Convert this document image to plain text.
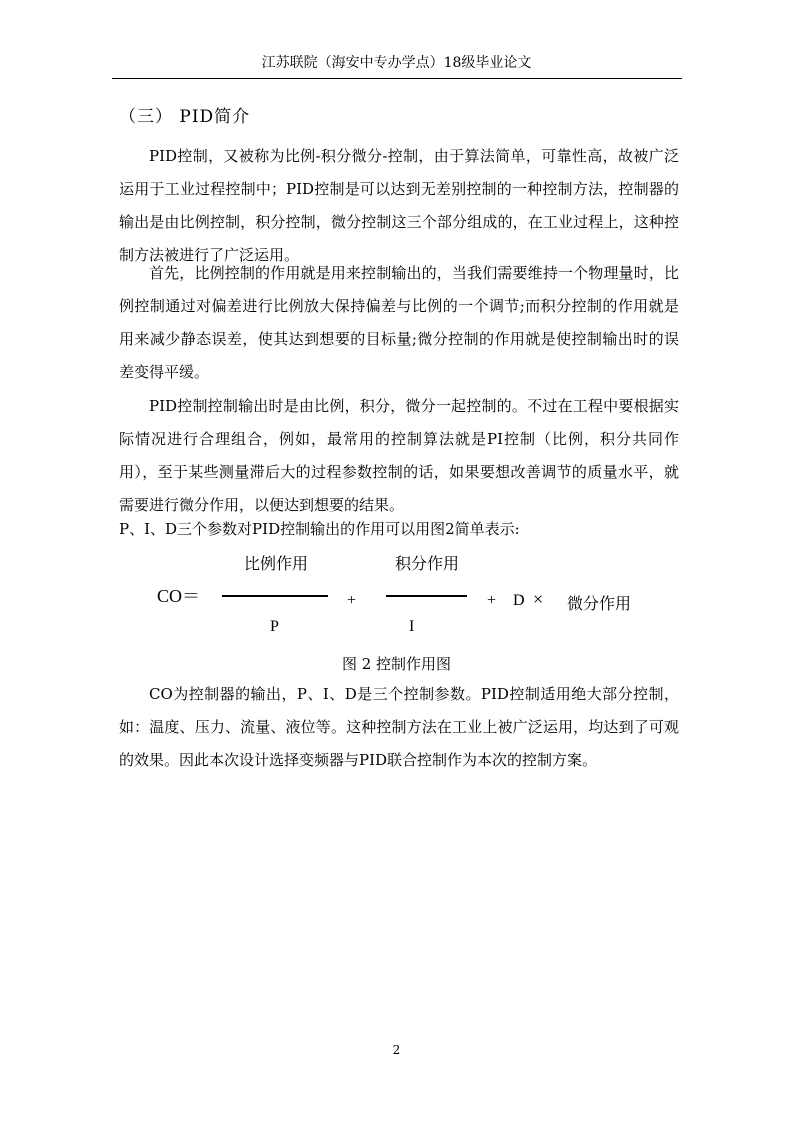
江苏联院（海安中专办学点）18级毕业论文
（三） PID简介
PID控制，又被称为比例-积分微分-控制，由于算法简单，可靠性高，故被广泛运用于工业过程控制中；PID控制是可以达到无差别控制的一种控制方法，控制器的输出是由比例控制，积分控制，微分控制这三个部分组成的，在工业过程上，这种控制方法被进行了广泛运用。
首先，比例控制的作用就是用来控制输出的，当我们需要维持一个物理量时，比例控制通过对偏差进行比例放大保持偏差与比例的一个调节;而积分控制的作用就是用来减少静态误差，使其达到想要的目标量;微分控制的作用就是使控制输出时的误差变得平缓。
PID控制控制输出时是由比例，积分，微分一起控制的。不过在工程中要根据实际情况进行合理组合，例如，最常用的控制算法就是PI控制（比例，积分共同作用），至于某些测量滞后大的过程参数控制的话，如果要想改善调节的质量水平，就需要进行微分作用，以便达到想要的结果。
P、I、D三个参数对PID控制输出的作用可以用图2简单表示:
CO＝
比例作用
P
+
积分作用
I
+ D × 微分作用
图 2 控制作用图
CO为控制器的输出，P、I、D是三个控制参数。PID控制适用绝大部分控制，如：温度、压力、流量、液位等。这种控制方法在工业上被广泛运用，均达到了可观的效果。因此本次设计选择变频器与PID联合控制作为本次的控制方案。
2
